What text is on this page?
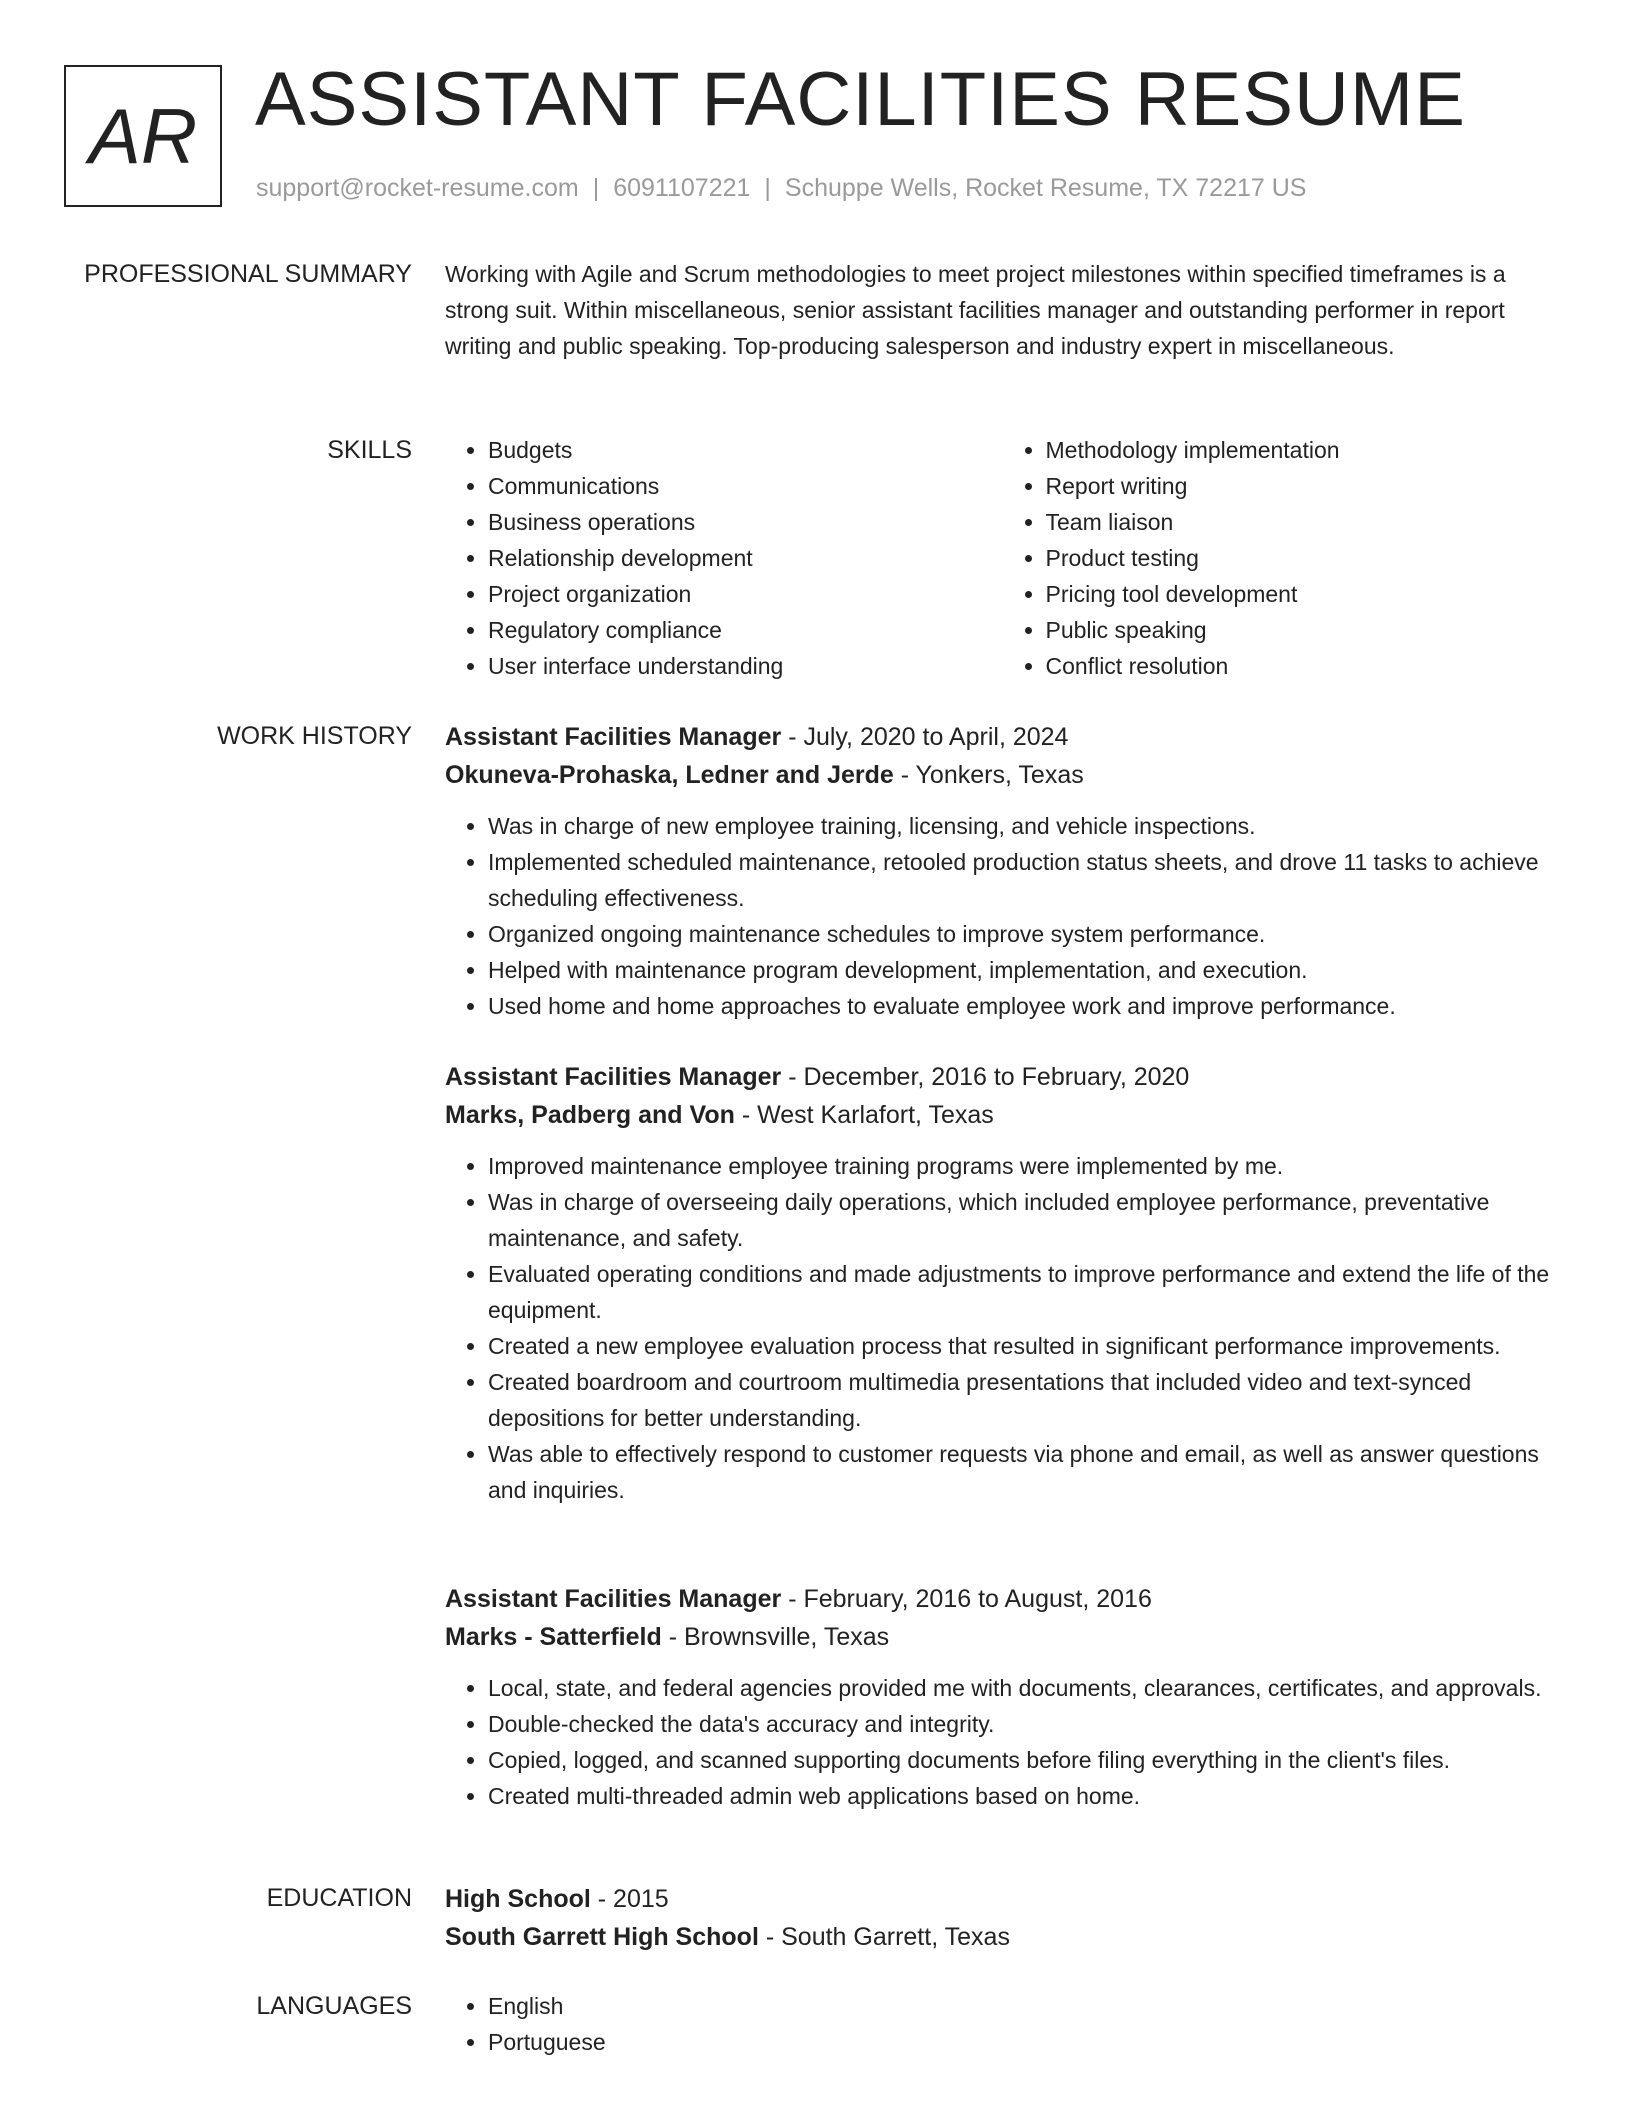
AR ASSISTANT FACILITIES RESUME

support@rocket-resume.com | 6091107221 | Schuppe Wells, Rocket Resume, TX 72217 US

PROFESSIONAL SUMMARY Working with Agile and Scrum methodologies to meet project milestones within specified timeframes is a strong suit. Within miscellaneous, senior assistant facilities manager and outstanding performer in report writing and public speaking. Top-producing salesperson and industry expert in miscellaneous.

SKILLS	• Budgets
• Communications
• Business operations
• Relationship development
• Project organization
• Regulatory compliance
• User interface understanding
• Methodology implementation
• Report writing
• Team liaison
• Product testing
• Pricing tool development
• Public speaking
• Conflict resolution
WORK HISTORY Assistant Facilities Manager - July, 2020 to April, 2024

Okuneva-Prohaska, Ledner and Jerde - Yonkers, Texas

• Was in charge of new employee training, licensing, and vehicle inspections.
• Implemented scheduled maintenance, retooled production status sheets, and drove 11 tasks to achieve scheduling effectiveness.
• Organized ongoing maintenance schedules to improve system performance.
• Helped with maintenance program development, implementation, and execution.
• Used home and home approaches to evaluate employee work and improve performance.

Assistant Facilities Manager - December, 2016 to February, 2020

Marks, Padberg and Von - West Karlafort, Texas

• Improved maintenance employee training programs were implemented by me.
• Was in charge of overseeing daily operations, which included employee performance, preventative maintenance, and safety.
• Evaluated operating conditions and made adjustments to improve performance and extend the life of the equipment.
• Created a new employee evaluation process that resulted in significant performance improvements.
• Created boardroom and courtroom multimedia presentations that included video and text-synced depositions for better understanding.
• Was able to effectively respond to customer requests via phone and email, as well as answer questions and inquiries.

Assistant Facilities Manager - February, 2016 to August, 2016

Marks - Satterfield - Brownsville, Texas

• Local, state, and federal agencies provided me with documents, clearances, certificates, and approvals.
• Double-checked the data's accuracy and integrity.
• Copied, logged, and scanned supporting documents before filing everything in the client's files.
• Created multi-threaded admin web applications based on home.
EDUCATION High School - 2015

South Garrett High School - South Garrett, Texas

LANGUAGES	• English
• Portuguese
